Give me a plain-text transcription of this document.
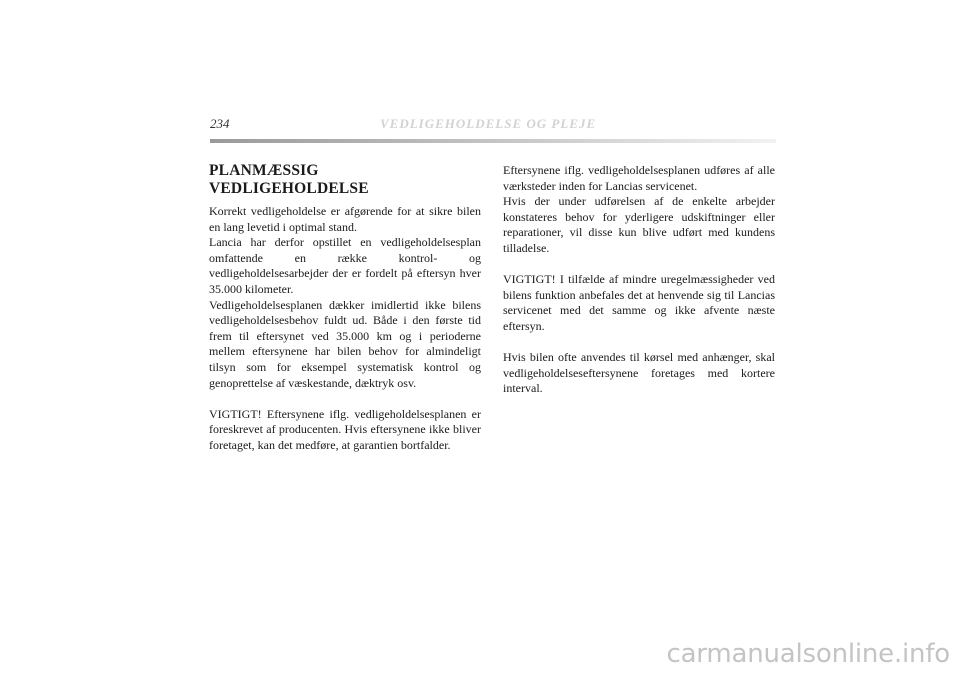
234	VEDLIGEHOLDELSE OG PLEJE
PLANMÆSSIG VEDLIGEHOLDELSE

Korrekt vedligeholdelse er afgørende for at sikre bilen en lang levetid i optimal stand.

Lancia har derfor opstillet en vedligeholdelsesplan omfattende en række kontrol- og vedligeholdelsesarbejder der er fordelt på eftersyn hver 35.000 kilometer.

Vedligeholdelsesplanen dækker imidlertid ikke bilens vedligeholdelsesbehov fuldt ud. Både i den første tid frem til eftersynet ved 35.000 km og i perioderne mellem eftersynene har bilen behov for almindeligt tilsyn som for eksempel systematisk kontrol og genoprettelse af væskestande, dæktryk osv.

VIGTIGT! Eftersynene iflg. vedligeholdelsesplanen er foreskrevet af producenten. Hvis eftersynene ikke bliver foretaget, kan det medføre, at garantien bortfalder.

Eftersynene iflg. vedligeholdelsesplanen udføres af alle værksteder inden for Lancias servicenet.

Hvis der under udførelsen af de enkelte arbejder konstateres behov for yderligere udskiftninger eller reparationer, vil disse kun blive udført med kundens tilladelse.

VIGTIGT! I tilfælde af mindre uregelmæssigheder ved bilens funktion anbefales det at henvende sig til Lancias servicenet med det samme og ikke afvente næste eftersyn.

Hvis bilen ofte anvendes til kørsel med anhænger, skal vedligeholdelseseftersynene foretages med kortere interval.

carmanualsonline.info
